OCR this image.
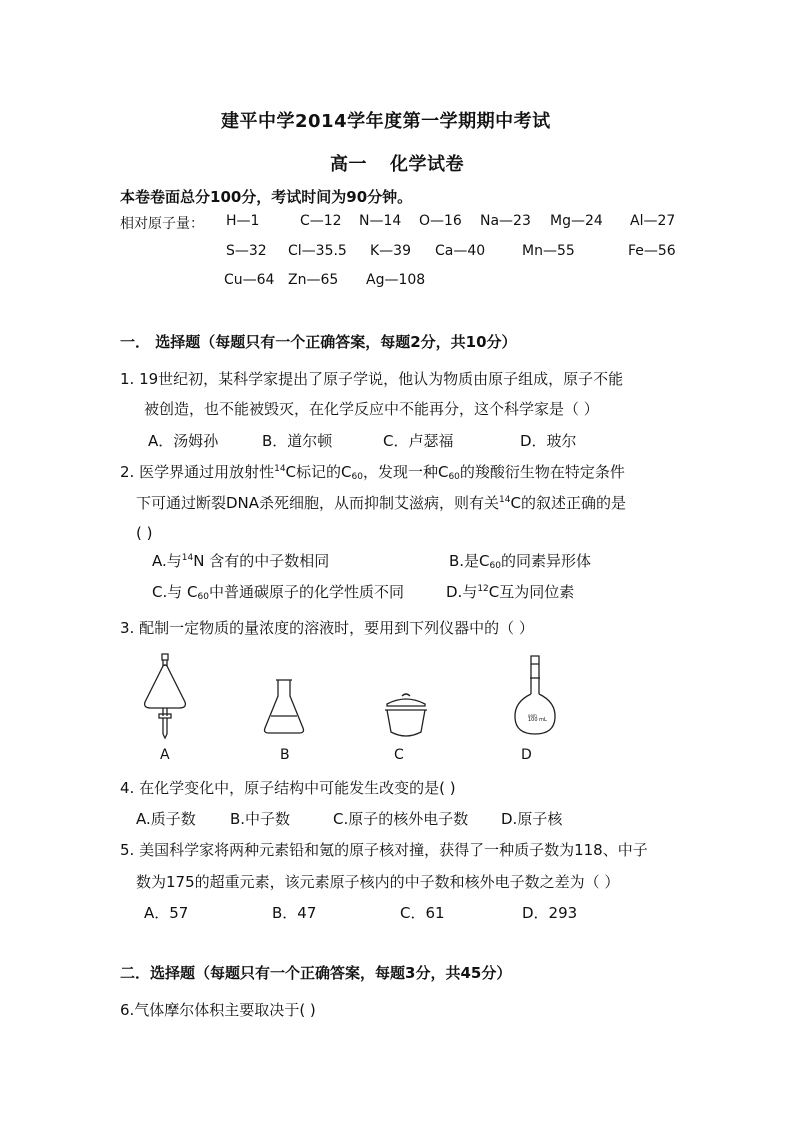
建平中学2014学年度第一学期期中考试
高一 化学试卷
本卷卷面总分100分，考试时间为90分钟。
相对原子量： H—1	C—12 N—14 O—16 Na—23 Mg—24 Al—27
S—32 Cl—35.5 K—39 Ca—40	Mn—55	Fe—56
Cu—64 Zn—65 Ag—108
一． 选择题（每题只有一个正确答案，每题2分，共10分）
1. 19世纪初，某科学家提出了原子学说，他认为物质由原子组成，原子不能
被创造，也不能被毁灭，在化学反应中不能再分，这个科学家是（ ）
A．汤姆孙	B．道尔顿	C．卢瑟福	D．玻尔
2. 医学界通过用放射性$^{14}$C标记的$C_{60}$，发现一种$C_{60}$的羧酸衍生物在特定条件
下可通过断裂DNA杀死细胞，从而抑制艾滋病，则有关$^{14}$C的叙述正确的是
( )
A.与$^{14}$N 含有的中子数相同	B.是$C_{60}$的同素异形体
C.与 $C_{60}$中普通碳原子的化学性质不同	D.与$^{12}$C互为同位素
3. 配制一定物质的量浓度的溶液时，要用到下列仪器中的（ ）
oom
100 mL
A	B	C	D
4. 在化学变化中，原子结构中可能发生改变的是( )
A.质子数 B.中子数	C.原子的核外电子数 D.原子核
5. 美国科学家将两种元素铅和氪的原子核对撞，获得了一种质子数为118、中子
数为175的超重元素，该元素原子核内的中子数和核外电子数之差为（ ）
A．57	B．47	C．61	D．293
二．选择题（每题只有一个正确答案，每题3分，共45分）
6.气体摩尔体积主要取决于( )
